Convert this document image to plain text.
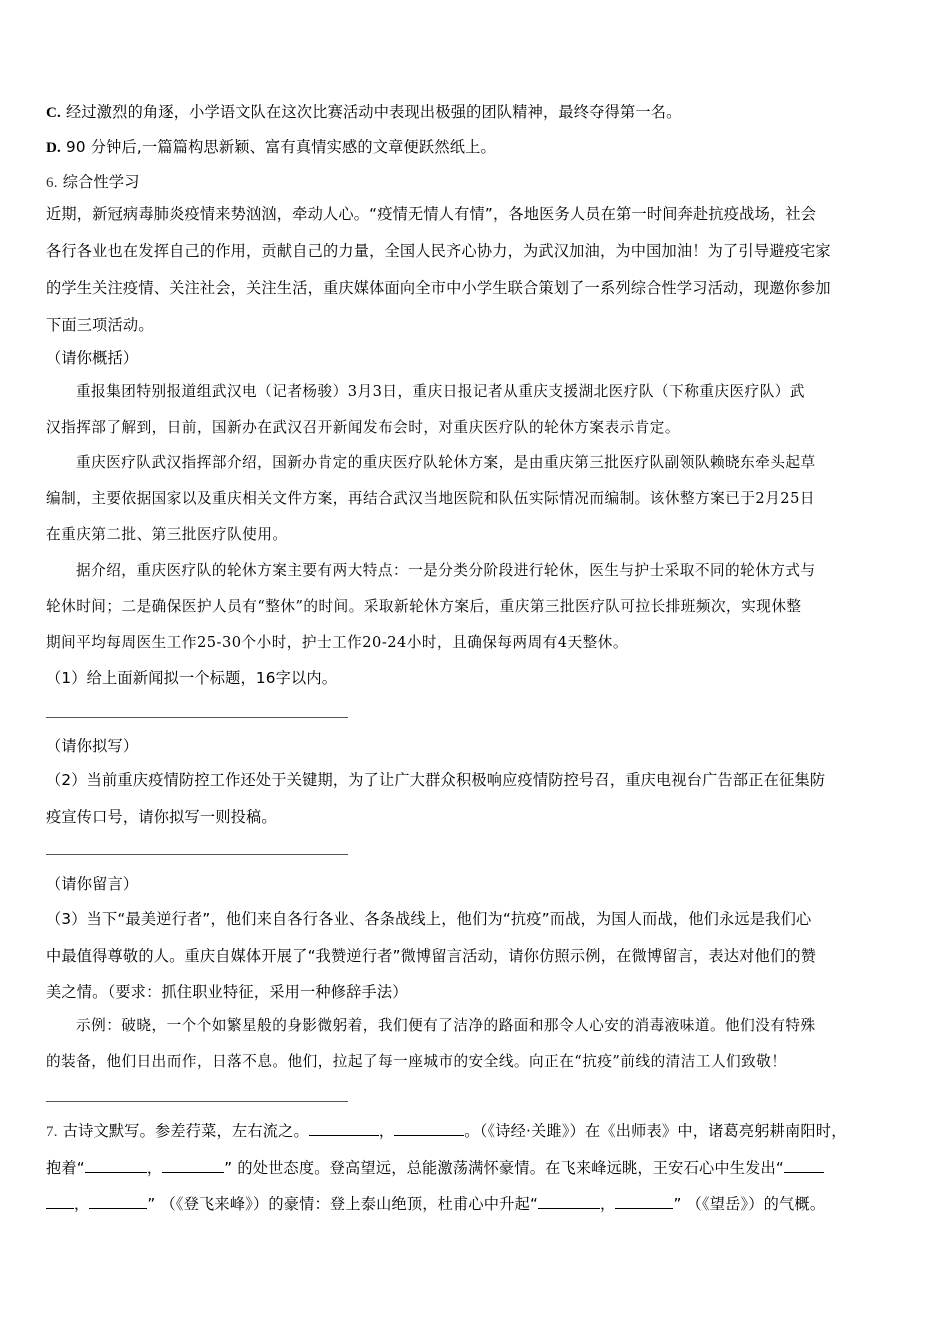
C. 经过激烈的角逐，小学语文队在这次比赛活动中表现出极强的团队精神，最终夺得第一名。
D. 90 分钟后,一篇篇构思新颖、富有真情实感的文章便跃然纸上。
6. 综合性学习
近期，新冠病毒肺炎疫情来势汹汹，牵动人心。“疫情无情人有情”，各地医务人员在第一时间奔赴抗疫战场，社会
各行各业也在发挥自己的作用，贡献自己的力量，全国人民齐心协力，为武汉加油，为中国加油！为了引导避疫宅家
的学生关注疫情、关注社会，关注生活，重庆媒体面向全市中小学生联合策划了一系列综合性学习活动，现邀你参加
下面三项活动。
（请你概括）
重报集团特别报道组武汉电（记者杨骏）3月3日，重庆日报记者从重庆支援湖北医疗队（下称重庆医疗队）武
汉指挥部了解到，日前，国新办在武汉召开新闻发布会时，对重庆医疗队的轮休方案表示肯定。
重庆医疗队武汉指挥部介绍，国新办肯定的重庆医疗队轮休方案，是由重庆第三批医疗队副领队赖晓东牵头起草
编制，主要依据国家以及重庆相关文件方案，再结合武汉当地医院和队伍实际情况而编制。该休整方案已于2月25日
在重庆第二批、第三批医疗队使用。
据介绍，重庆医疗队的轮休方案主要有两大特点：一是分类分阶段进行轮休，医生与护士采取不同的轮休方式与
轮休时间；二是确保医护人员有“整休”的时间。采取新轮休方案后，重庆第三批医疗队可拉长排班频次，实现休整
期间平均每周医生工作25-30个小时，护士工作20-24小时，且确保每两周有4天整休。
（1）给上面新闻拟一个标题，16字以内。
（请你拟写）
（2）当前重庆疫情防控工作还处于关键期，为了让广大群众积极响应疫情防控号召，重庆电视台广告部正在征集防
疫宣传口号，请你拟写一则投稿。
（请你留言）
（3）当下“最美逆行者”，他们来自各行各业、各条战线上，他们为“抗疫”而战，为国人而战，他们永远是我们心
中最值得尊敬的人。重庆自媒体开展了“我赞逆行者”微博留言活动，请你仿照示例，在微博留言，表达对他们的赞
美之情。（要求：抓住职业特征，采用一种修辞手法）
示例：破晓，一个个如繁星般的身影微躬着，我们便有了洁净的路面和那令人心安的消毒液味道。他们没有特殊
的装备，他们日出而作，日落不息。他们，拉起了每一座城市的安全线。向正在“抗疫”前线的清洁工人们致敬！
7. 古诗文默写。参差荇菜，左右流之。	，	。（《诗经·关雎》）在《出师表》中，诸葛亮躬耕南阳时，
抱着“	，	” 的处世态度。登高望远，总能激荡满怀豪情。在飞来峰远眺，王安石心中生发出“
，	” （《登飞来峰》）的豪情：登上泰山绝顶，杜甫心中升起“	，	” （《望岳》）的气概。
